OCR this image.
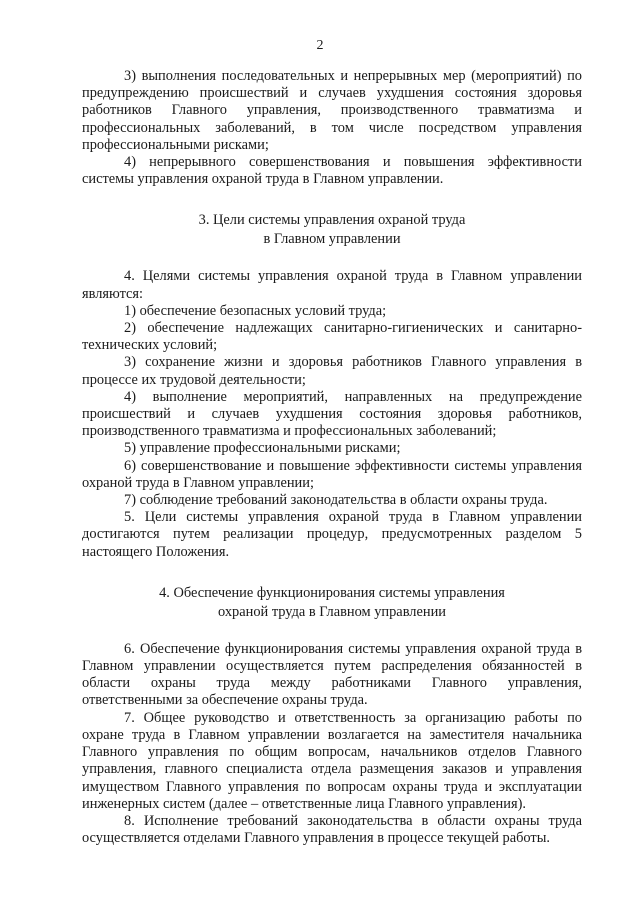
2

3) выполнения последовательных и непрерывных мер (мероприятий) по предупреждению происшествий и случаев ухудшения состояния здоровья работников Главного управления, производственного травматизма и профессиональных заболеваний, в том числе посредством управления профессиональными рисками;

4) непрерывного совершенствования и повышения эффективности системы управления охраной труда в Главном управлении.

3. Цели системы управления охраной труда
в Главном управлении

4. Целями системы управления охраной труда в Главном управлении являются:

1) обеспечение безопасных условий труда;

2) обеспечение надлежащих санитарно-гигиенических и санитарно-технических условий;

3) сохранение жизни и здоровья работников Главного управления в процессе их трудовой деятельности;

4) выполнение мероприятий, направленных на предупреждение происшествий и случаев ухудшения состояния здоровья работников, производственного травматизма и профессиональных заболеваний;

5) управление профессиональными рисками;

6) совершенствование и повышение эффективности системы управления охраной труда в Главном управлении;

7) соблюдение требований законодательства в области охраны труда.

5. Цели системы управления охраной труда в Главном управлении достигаются путем реализации процедур, предусмотренных разделом 5 настоящего Положения.

4. Обеспечение функционирования системы управления
охраной труда в Главном управлении

6. Обеспечение функционирования системы управления охраной труда в Главном управлении осуществляется путем распределения обязанностей в области охраны труда между работниками Главного управления, ответственными за обеспечение охраны труда.

7. Общее руководство и ответственность за организацию работы по охране труда в Главном управлении возлагается на заместителя начальника Главного управления по общим вопросам, начальников отделов Главного управления, главного специалиста отдела размещения заказов и управления имуществом Главного управления по вопросам охраны труда и эксплуатации инженерных систем (далее – ответственные лица Главного управления).

8. Исполнение требований законодательства в области охраны труда осуществляется отделами Главного управления в процессе текущей работы.
